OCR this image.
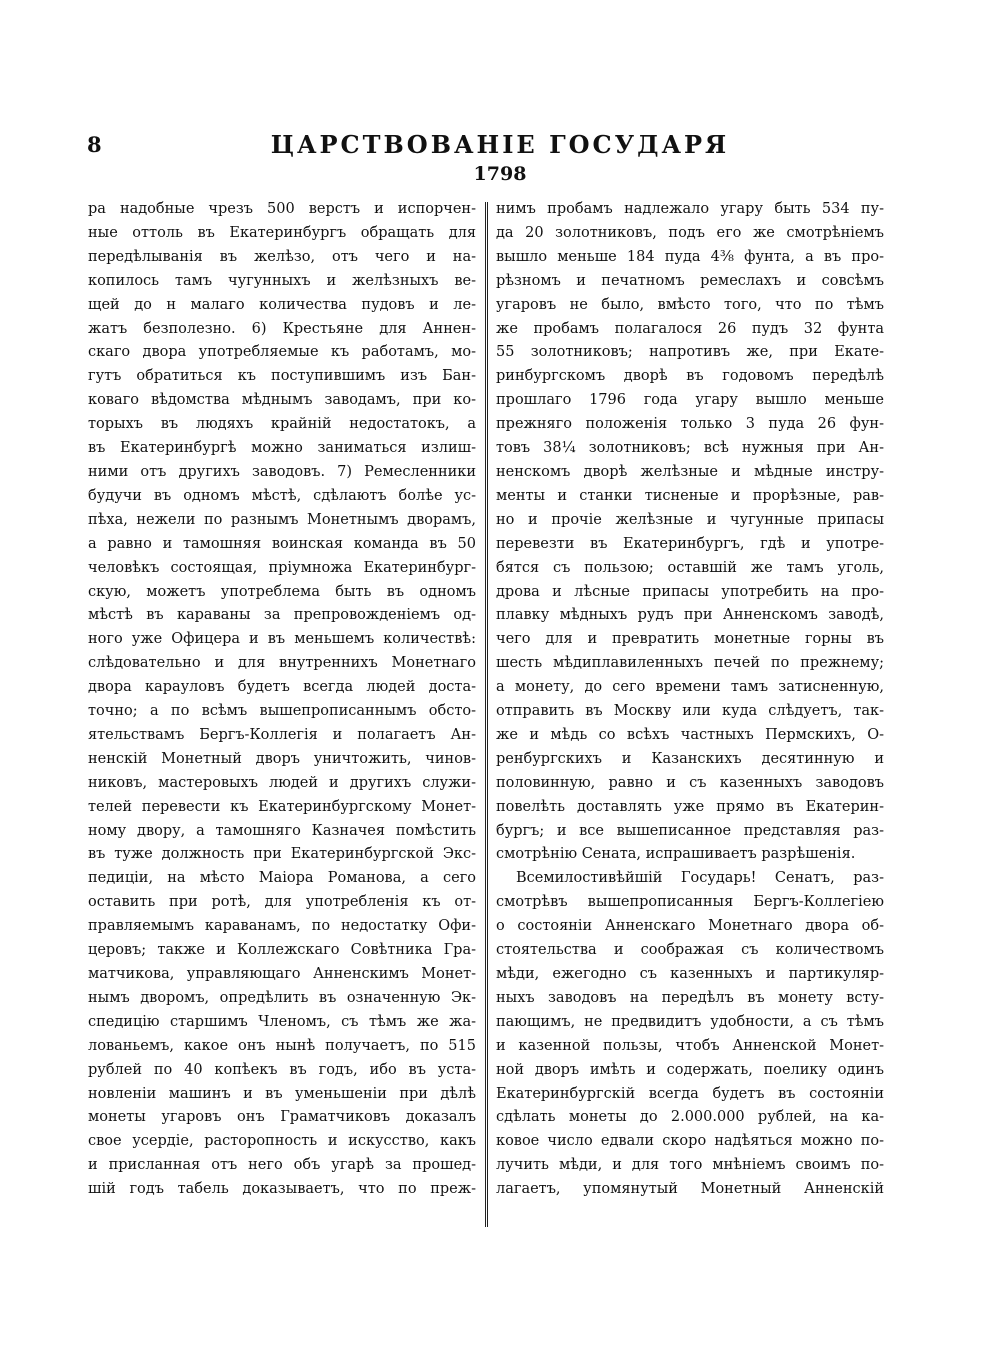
8	ЦАРСТВОВАНІЕ ГОСУДАРЯ
1798
ра надобные чрезъ 500 верстъ и испорчен-
ные оттоль въ Екатеринбургъ обращать для
передѣлыванія въ желѣзо, отъ чего и на-
копилось тамъ чугунныхъ и желѣзныхъ ве-
щей до н малаго количества пудовъ и ле-
жатъ безполезно. 6) Крестьяне для Аннен-
скаго двора употребляемые къ работамъ, мо-
гутъ обратиться къ поступившимъ изъ Бан-
коваго вѣдомства мѣднымъ заводамъ, при ко-
торыхъ въ людяхъ крайній недостатокъ, а
въ Екатеринбургѣ можно заниматься излиш-
ними отъ другихъ заводовъ. 7) Ремесленники
будучи въ одномъ мѣстѣ, сдѣлаютъ болѣе ус-
пѣха, нежели по разнымъ Монетнымъ дворамъ,
а равно и тамошняя воинская команда въ 50
человѣкъ состоящая, пріумножа Екатеринбург-
скую, можетъ употреблема быть въ одномъ
мѣстѣ въ караваны за препровожденіемъ од-
ного уже Офицера и въ меньшемъ количествѣ:
слѣдовательно и для внутреннихъ Монетнаго
двора карауловъ будетъ всегда людей доста-
точно; а по всѣмъ вышепрописаннымъ обсто-
ятельствамъ Бергъ-Коллегія и полагаетъ Ан-
ненскій Монетный дворъ уничтожить, чинов-
никовъ, мастеровыхъ людей и другихъ служи-
телей перевести къ Екатеринбургскому Монет-
ному двору, а тамошняго Казначея помѣстить
въ туже должность при Екатеринбургской Экс-
педиціи, на мѣсто Маіора Романова, а сего
оставить при ротѣ, для употребленія къ от-
правляемымъ караванамъ, по недостатку Офи-
церовъ; также и Коллежскаго Совѣтника Гра-
матчикова, управляющаго Анненскимъ Монет-
нымъ дворомъ, опредѣлить въ означенную Эк-
спедицію старшимъ Членомъ, съ тѣмъ же жа-
лованьемъ, какое онъ нынѣ получаетъ, по 515
рублей по 40 копѣекъ въ годъ, ибо въ уста-
новленіи машинъ и въ уменьшеніи при дѣлѣ
монеты угаровъ онъ Граматчиковъ доказалъ
свое усердіе, расторопность и искусство, какъ
и присланная отъ него объ угарѣ за прошед-
шій годъ табель доказываетъ, что по преж-
нимъ пробамъ надлежало угару быть 534 пу-
да 20 золотниковъ, подъ его же смотрѣніемъ
вышло меньше 184 пуда 4⅜ фунта, а въ про-
рѣзномъ и печатномъ ремеслахъ и совсѣмъ
угаровъ не было, вмѣсто того, что по тѣмъ
же пробамъ полагалося 26 пудъ 32 фунта
55 золотниковъ; напротивъ же, при Екате-
ринбургскомъ дворѣ въ годовомъ передѣлѣ
прошлаго 1796 года угару вышло меньше
прежняго положенія только 3 пуда 26 фун-
товъ 38¼ золотниковъ; всѣ нужныя при Ан-
ненскомъ дворѣ желѣзные и мѣдные инстру-
менты и станки тисненые и прорѣзные, рав-
но и прочіе желѣзные и чугунные припасы
перевезти въ Екатеринбургъ, гдѣ и употре-
бятся съ пользою; оставшій же тамъ уголь,
дрова и лѣсные припасы употребить на про-
плавку мѣдныхъ рудъ при Анненскомъ заводѣ,
чего для и превратить монетные горны въ
шесть мѣдиплавиленныхъ печей по прежнему;
а монету, до сего времени тамъ затисненную,
отправить въ Москву или куда слѣдуетъ, так-
же и мѣдь со всѣхъ частныхъ Пермскихъ, О-
ренбургскихъ и Казанскихъ десятинную и
половинную, равно и съ казенныхъ заводовъ
повелѣть доставлять уже прямо въ Екатерин-
бургъ; и все вышеписанное представляя раз-
смотрѣнію Сената, испрашиваетъ разрѣшенія.
Всемилостивѣйшій Государь! Сенатъ, раз-
смотрѣвъ вышепрописанныя Бергъ-Коллегіею
о состояніи Анненскаго Монетнаго двора об-
стоятельства и соображая съ количествомъ
мѣди, ежегодно съ казенныхъ и партикуляр-
ныхъ заводовъ на передѣлъ въ монету всту-
пающимъ, не предвидитъ удобности, а съ тѣмъ
и казенной пользы, чтобъ Анненской Монет-
ной дворъ имѣть и содержать, поелику одинъ
Екатеринбургскій всегда будетъ въ состояніи
сдѣлать монеты до 2.000.000 рублей, на ка-
ковое число едвали скоро надѣяться можно по-
лучить мѣди, и для того мнѣніемъ своимъ по-
лагаетъ, упомянутый Монетный Анненскій
